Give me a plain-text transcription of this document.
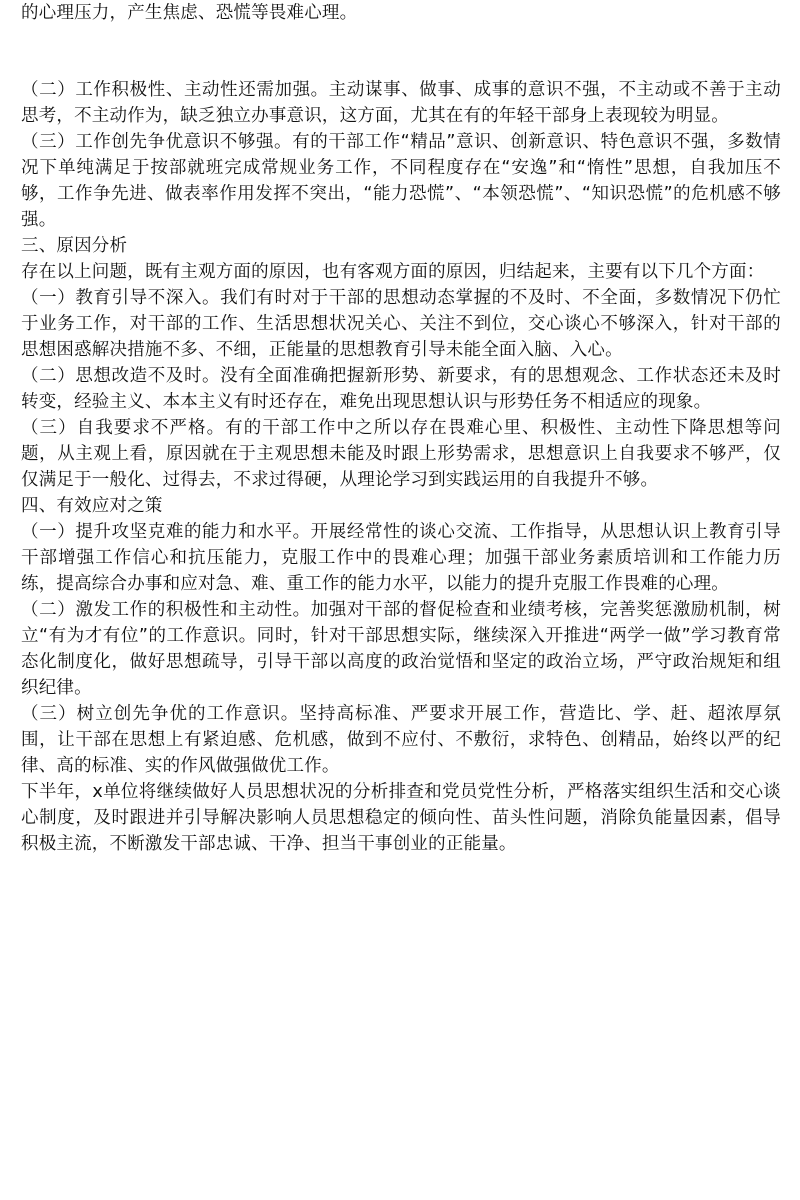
的心理压力，产生焦虑、恐慌等畏难心理。

（二）工作积极性、主动性还需加强。主动谋事、做事、成事的意识不强，不主动或不善于主动思考，不主动作为，缺乏独立办事意识，这方面，尤其在有的年轻干部身上表现较为明显。

（三）工作创先争优意识不够强。有的干部工作“精品”意识、创新意识、特色意识不强，多数情况下单纯满足于按部就班完成常规业务工作，不同程度存在“安逸”和“惰性”思想，自我加压不够，工作争先进、做表率作用发挥不突出，“能力恐慌”、“本领恐慌”、“知识恐慌”的危机感不够强。

三、原因分析

存在以上问题，既有主观方面的原因，也有客观方面的原因，归结起来，主要有以下几个方面：

（一）教育引导不深入。我们有时对于干部的思想动态掌握的不及时、不全面，多数情况下仍忙于业务工作，对干部的工作、生活思想状况关心、关注不到位，交心谈心不够深入，针对干部的思想困惑解决措施不多、不细，正能量的思想教育引导未能全面入脑、入心。

（二）思想改造不及时。没有全面准确把握新形势、新要求，有的思想观念、工作状态还未及时转变，经验主义、本本主义有时还存在，难免出现思想认识与形势任务不相适应的现象。

（三）自我要求不严格。有的干部工作中之所以存在畏难心里、积极性、主动性下降思想等问题，从主观上看，原因就在于主观思想未能及时跟上形势需求，思想意识上自我要求不够严，仅仅满足于一般化、过得去，不求过得硬，从理论学习到实践运用的自我提升不够。

四、有效应对之策

（一）提升攻坚克难的能力和水平。开展经常性的谈心交流、工作指导，从思想认识上教育引导干部增强工作信心和抗压能力，克服工作中的畏难心理；加强干部业务素质培训和工作能力历练，提高综合办事和应对急、难、重工作的能力水平，以能力的提升克服工作畏难的心理。

（二）激发工作的积极性和主动性。加强对干部的督促检查和业绩考核，完善奖惩激励机制，树立“有为才有位”的工作意识。同时，针对干部思想实际，继续深入开推进“两学一做”学习教育常态化制度化，做好思想疏导，引导干部以高度的政治觉悟和坚定的政治立场，严守政治规矩和组织纪律。

（三）树立创先争优的工作意识。坚持高标准、严要求开展工作，营造比、学、赶、超浓厚氛围，让干部在思想上有紧迫感、危机感，做到不应付、不敷衍，求特色、创精品，始终以严的纪律、高的标准、实的作风做强做优工作。

下半年，x单位将继续做好人员思想状况的分析排查和党员党性分析，严格落实组织生活和交心谈心制度，及时跟进并引导解决影响人员思想稳定的倾向性、苗头性问题，消除负能量因素，倡导积极主流，不断激发干部忠诚、干净、担当干事创业的正能量。
